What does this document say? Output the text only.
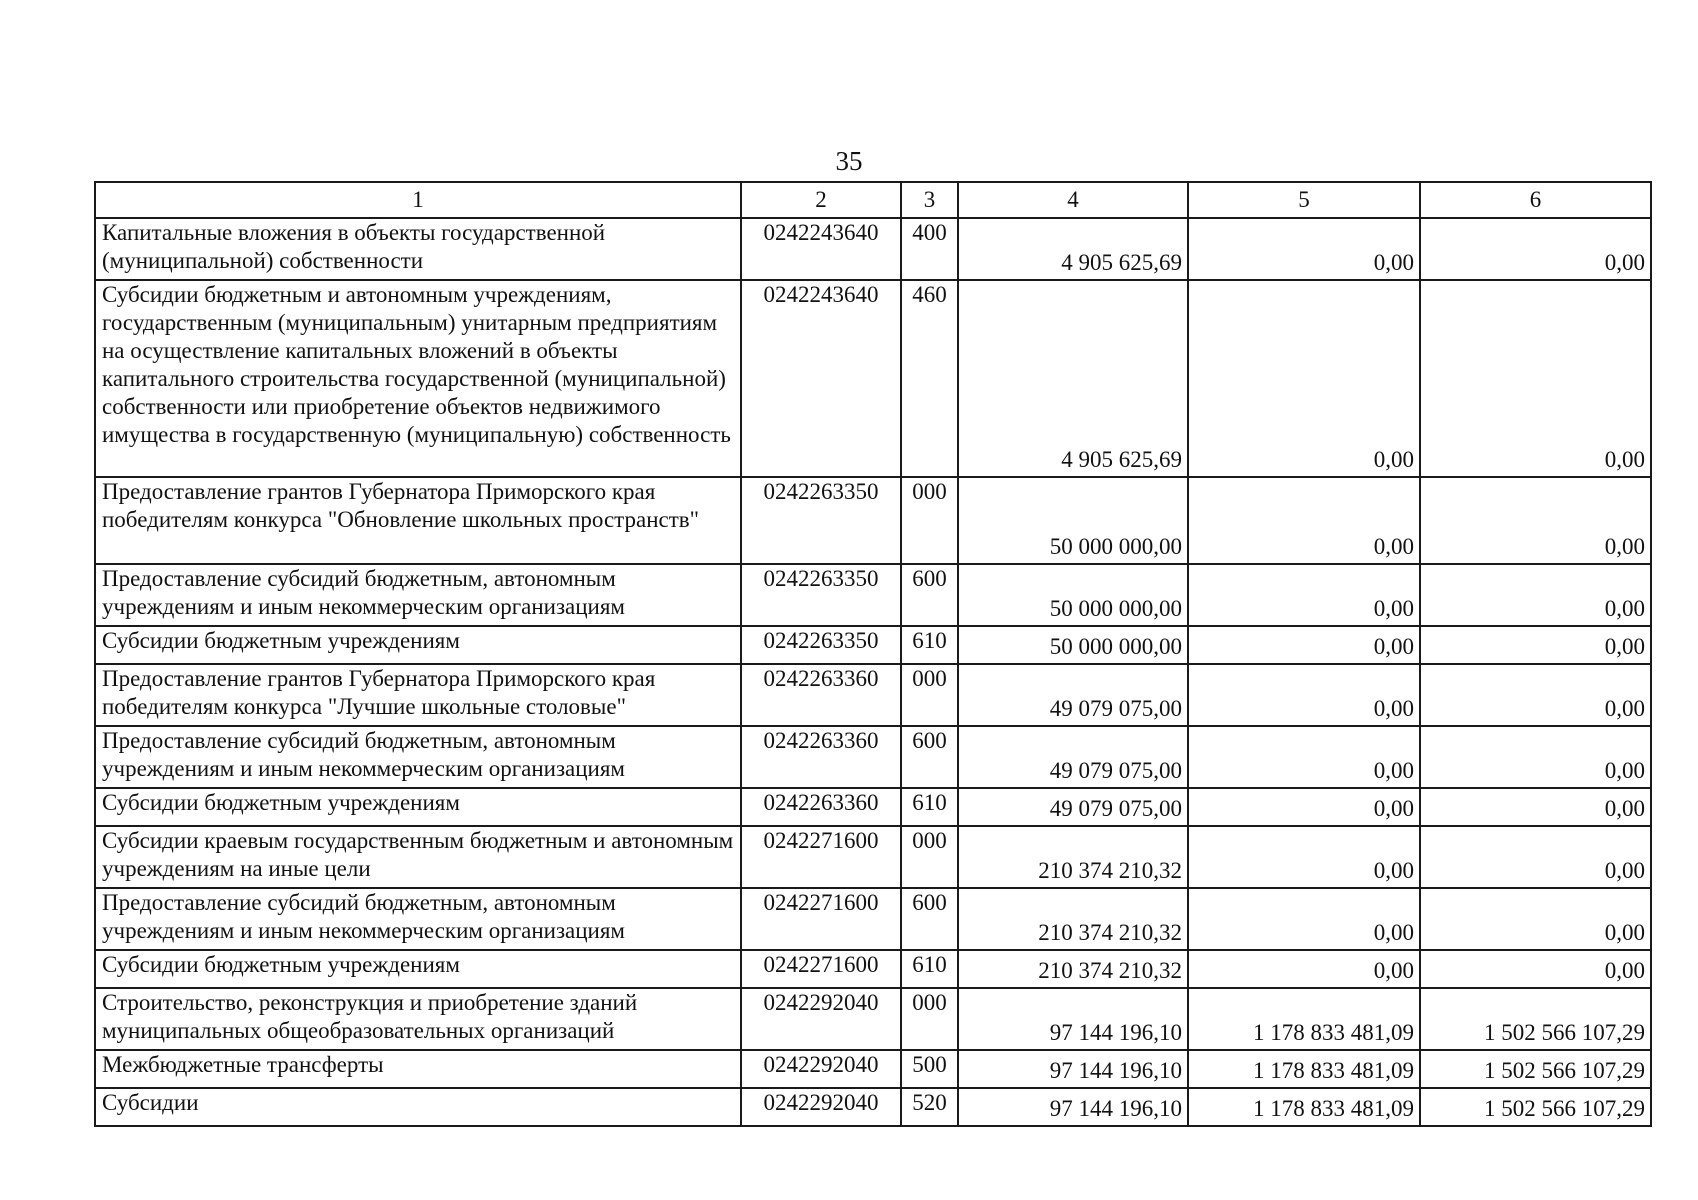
35
1	2	3	4	5	6
Капитальные вложения в объекты государственной (муниципальной) собственности	0242243640	400	4 905 625,69	0,00	0,00
Субсидии бюджетным и автономным учреждениям, государственным (муниципальным) унитарным предприятиям на осуществление капитальных вложений в объекты капитального строительства государственной (муниципальной) собственности или приобретение объектов недвижимого имущества в государственную (муниципальную) собственность	0242243640	460	4 905 625,69	0,00	0,00
Предоставление грантов Губернатора Приморского края победителям конкурса "Обновление школьных пространств"	0242263350	000	50 000 000,00	0,00	0,00
Предоставление субсидий бюджетным, автономным учреждениям и иным некоммерческим организациям	0242263350	600	50 000 000,00	0,00	0,00
Субсидии бюджетным учреждениям	0242263350	610	50 000 000,00	0,00	0,00
Предоставление грантов Губернатора Приморского края победителям конкурса "Лучшие школьные столовые"	0242263360	000	49 079 075,00	0,00	0,00
Предоставление субсидий бюджетным, автономным учреждениям и иным некоммерческим организациям	0242263360	600	49 079 075,00	0,00	0,00
Субсидии бюджетным учреждениям	0242263360	610	49 079 075,00	0,00	0,00
Субсидии краевым государственным бюджетным и автономным учреждениям на иные цели	0242271600	000	210 374 210,32	0,00	0,00
Предоставление субсидий бюджетным, автономным учреждениям и иным некоммерческим организациям	0242271600	600	210 374 210,32	0,00	0,00
Субсидии бюджетным учреждениям	0242271600	610	210 374 210,32	0,00	0,00
Строительство, реконструкция и приобретение зданий муниципальных общеобразовательных организаций	0242292040	000	97 144 196,10	1 178 833 481,09	1 502 566 107,29
Межбюджетные трансферты	0242292040	500	97 144 196,10	1 178 833 481,09	1 502 566 107,29
Субсидии	0242292040	520	97 144 196,10	1 178 833 481,09	1 502 566 107,29
